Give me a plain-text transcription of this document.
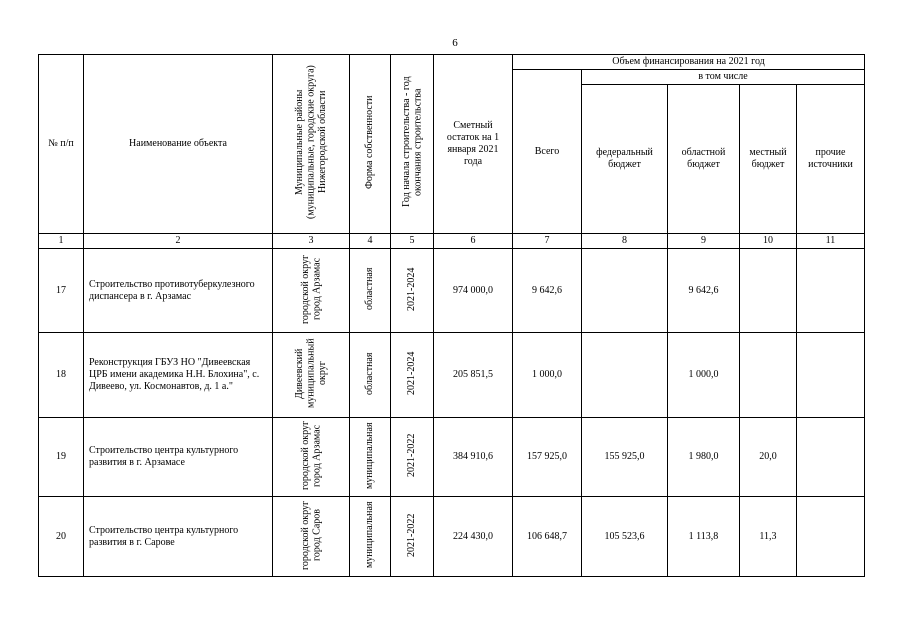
6
№ п/п	Наименование объекта	Муниципальные районы (муниципальные, городские округа) Нижегородской области	Форма собственности	Год начала строительства - год окончания строительства	Сметный остаток на 1 января 2021 года	Объем финансирования на 2021 год				
						Всего	в том числе			
							федеральный бюджет	областной бюджет	местный бюджет	прочие источники
1	2	3	4	5	6	7	8	9	10	11
17	Строительство противотуберкулезного диспансера в г. Арзамас	городской округ город Арзамас	областная	2021-2024	974 000,0	9 642,6		9 642,6		
18	Реконструкция ГБУЗ НО "Дивеевская ЦРБ имени академика Н.Н. Блохина", с. Дивеево, ул. Космонавтов, д. 1 а."	Дивеевский муниципальный округ	областная	2021-2024	205 851,5	1 000,0		1 000,0		
19	Строительство центра культурного развития в г. Арзамасе	городской округ город Арзамас	муниципальная	2021-2022	384 910,6	157 925,0	155 925,0	1 980,0	20,0	
20	Строительство центра культурного развития в г. Сарове	городской округ город Саров	муниципальная	2021-2022	224 430,0	106 648,7	105 523,6	1 113,8	11,3	
